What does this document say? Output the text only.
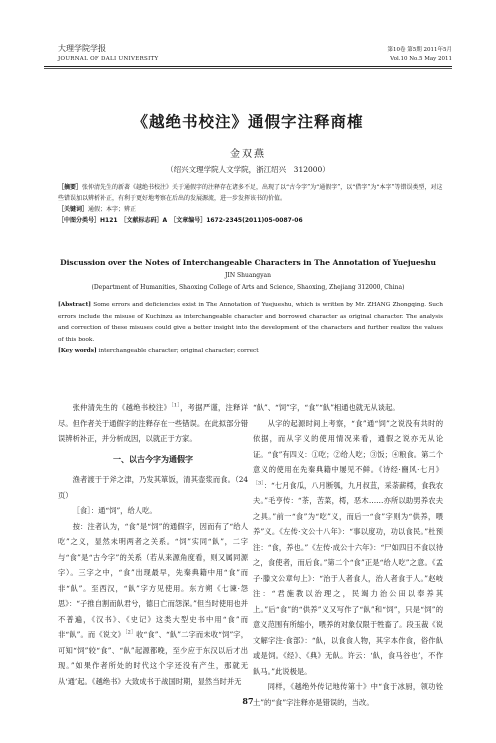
大理学院学报
JOURNAL OF DALI UNIVERSITY
第10卷 第5期 2011年5月
Vol.10 No.5 May 2011
《越绝书校注》通假字注释商榷
金双燕
（绍兴文理学院人文学院，浙江绍兴　312000）
［摘要］张仲清先生的新著《越绝书校注》关于通假字的注释存在诸多不足，出现了以“古今字”为“通假字”，以“借字”为“本字”等错误类型，对这些错误加以辨析补正，有利于更好地考察在后出的发展源流，进一步发挥该书的价值。
［关键词］通假；本字；辨正
［中图分类号］H121　［文献标志码］A　［文章编号］1672-2345(2011)05-0087-06
Discussion over the Notes of Interchangeable Characters in The Annotation of Yuejueshu
JIN Shuangyan
(Department of Humanities, Shaoxing College of Arts and Science, Shaoxing, Zhejiang 312000, China)
[Abstract] Some errors and deficiencies exist in The Annotation of Yuejueshu, which is written by Mr. ZHANG Zhongqing. Such errors include the misuse of Kuchinzu as interchangeable character and borrowed character as original character. The analysis and correction of these misuses could give a better insight into the development of the characters and further realize the values of this book.
[Key words] interchangeable character; original character; correct

张仲清先生的《越绝书校注》$^{[1]}$，考据严谨，注释详尽。但作者关于通假字的注释存在一些错误。在此拟部分错误辨析补正，并分析成因，以就正于方家。

一、以古今字为通假字

渔者渡于于斧之津，乃发其箪饭，清其壶浆而食。（24页）

［食］：通“饲”，给人吃。

按：注者认为，“食”是“饲”的通假字，因而有了“给人吃”之义，显然未明两者之关系。“饲”实同“飤”，二字与“食”是“古今字”的关系（若从来源角度看，则又属同源字）。三字之中，“食”出现最早，先秦典籍中用“食”而非“飤”。至西汉，“飤”字方见使用。东方朔《七谏·怨思》：“子推自割而飤君兮，德日亡而怨深。”但当时使用也并不普遍，《汉书》、《史记》这类大型史书中用“食”而非“飤”。而《说文》$^{[2]}$收“食”、“飤”二字而未收“饲”字，可知“饲”较“食”、“飤”起源都晚，至少应于东汉以后才出现。”如果作者所处的时代这个字还没有产生，那就无从‘通’起。《越绝书》大致成书于战国时期，显然当时并无

“飤”、“饲”字，“食”“飤”相通也就无从谈起。

从字的起源时间上考察，“食”通“饲”之说没有共时的依据，而从字义的使用情况来看，通假之说亦无从论证。“食”有四义：①吃；②给人吃；③饭；④粮食。第二个意义的使用在先秦典籍中屡见不鲜。《诗经·豳风·七月》$^{[3]}$：“七月食瓜，八月断瓠，九月叔苴，采荼薪樗，食我农夫。”毛亨传：“茶，苦菜，樗，恶木……亦所以助男养农夫之具。”前一“食”为“吃”义，而后一“食”字则为“供养，喂养”义。《左传·文公十八年》：“事以度功，功以食民。”杜预注：“食，养也。”《左传·成公十六年》：“尸如四日不食以待之，食使者，而后食。”第二个“食”正是“给人吃”之意。《孟子·滕文公章句上》：“治于人者食人，治人者食于人。”赵岐注：“君施教以治理之，民竭力治公田以奉养其上。”后“食”的“供养”义又写作了“飤”和“饲”，只是“饲”的意义范围有所缩小，喂养的对象仅限于牲畜了。段玉裁《说文解字注·食部》：“飤，以食食人物，其字本作食，俗作飤或是饲。《经》、《典》无飤。许云：‘飤，食马谷也’，不作飤马。”此说极是。

同样，《越绝外传记地传第十》中“食于冰厨，领功铨土”的“食”字注释亦是错误的，当改。

87
